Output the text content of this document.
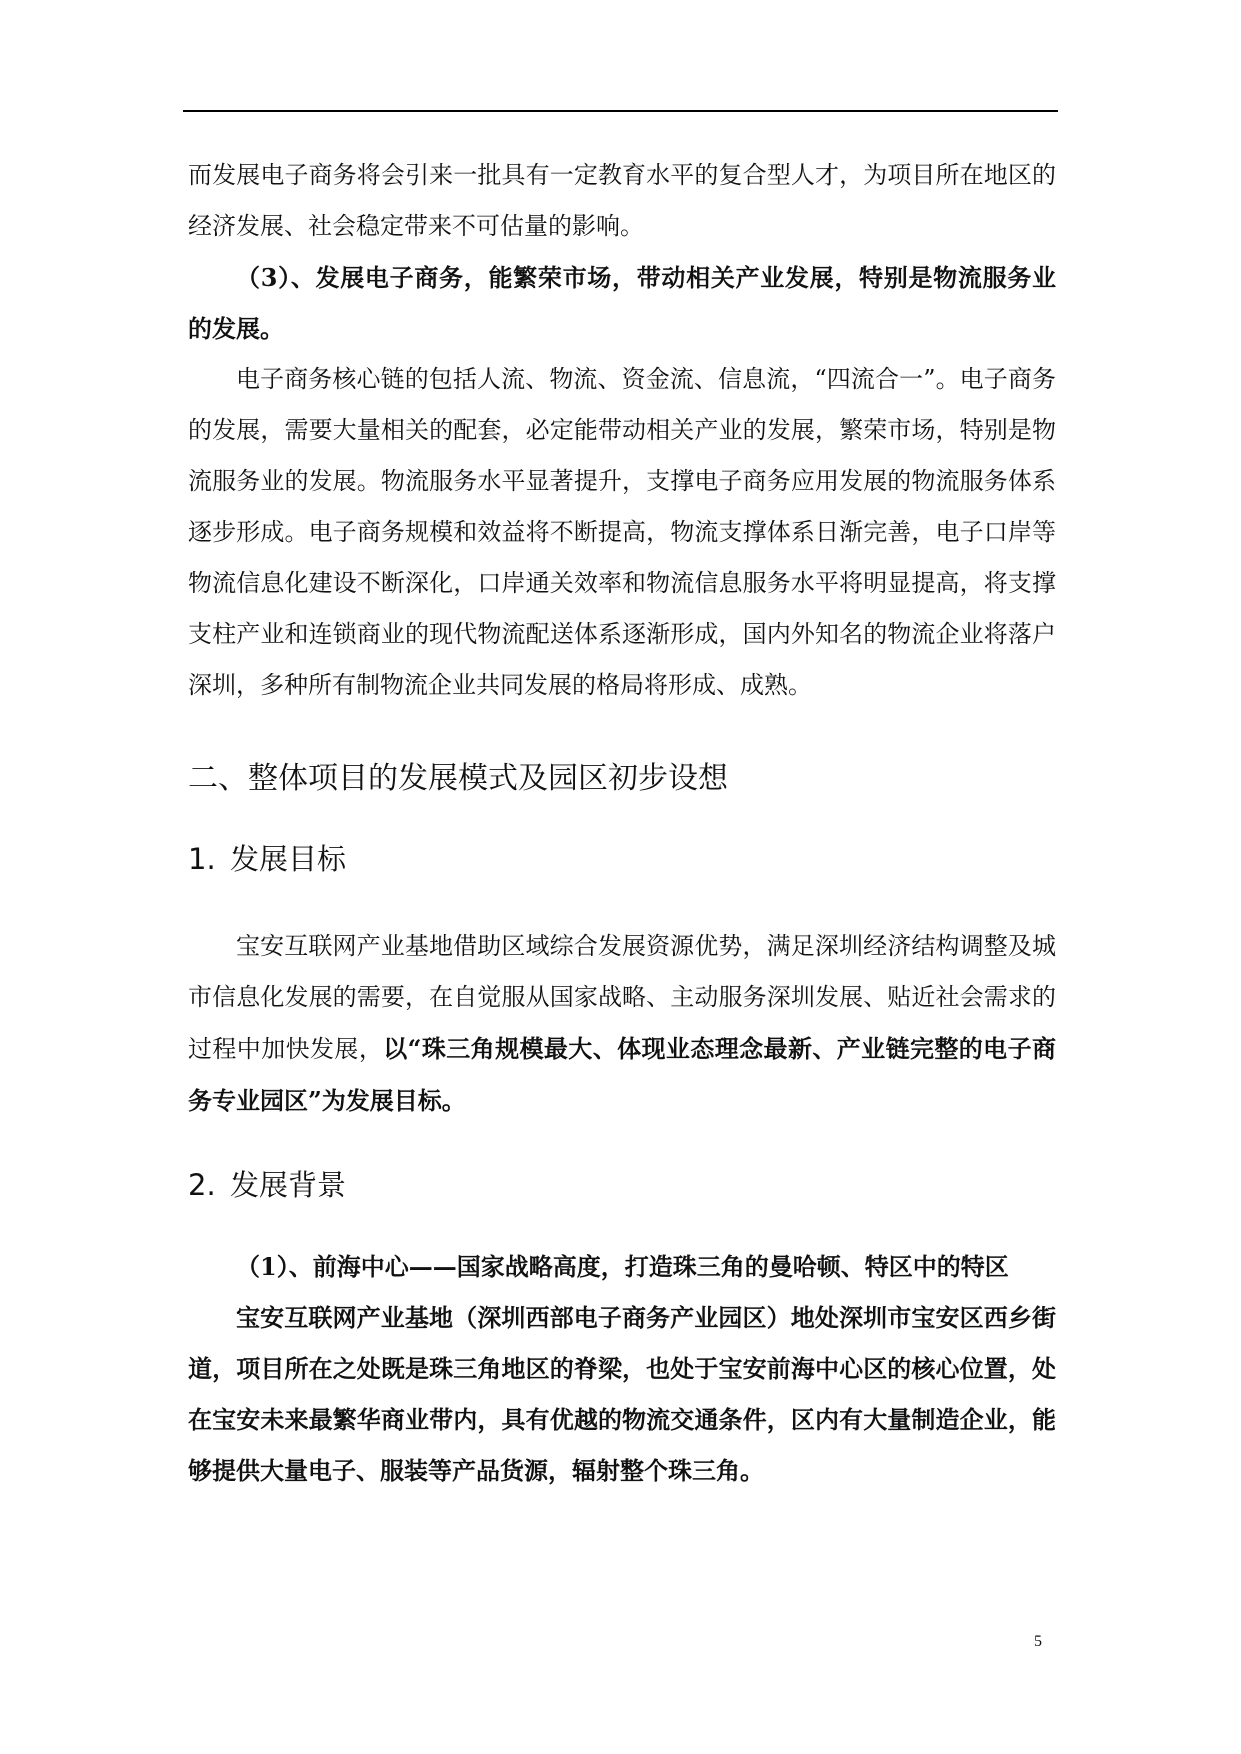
而发展电子商务将会引来一批具有一定教育水平的复合型人才，为项目所在地区的经济发展、社会稳定带来不可估量的影响。

（3）、发展电子商务，能繁荣市场，带动相关产业发展，特别是物流服务业的发展。

电子商务核心链的包括人流、物流、资金流、信息流，“四流合一”。电子商务的发展，需要大量相关的配套，必定能带动相关产业的发展，繁荣市场，特别是物流服务业的发展。物流服务水平显著提升，支撑电子商务应用发展的物流服务体系逐步形成。电子商务规模和效益将不断提高，物流支撑体系日渐完善，电子口岸等物流信息化建设不断深化，口岸通关效率和物流信息服务水平将明显提高，将支撑支柱产业和连锁商业的现代物流配送体系逐渐形成，国内外知名的物流企业将落户深圳，多种所有制物流企业共同发展的格局将形成、成熟。

二、整体项目的发展模式及园区初步设想
1. 发展目标

宝安互联网产业基地借助区域综合发展资源优势，满足深圳经济结构调整及城市信息化发展的需要，在自觉服从国家战略、主动服务深圳发展、贴近社会需求的过程中加快发展，以“珠三角规模最大、体现业态理念最新、产业链完整的电子商务专业园区”为发展目标。

2. 发展背景

（1）、前海中心——国家战略高度，打造珠三角的曼哈顿、特区中的特区

宝安互联网产业基地（深圳西部电子商务产业园区）地处深圳市宝安区西乡街道，项目所在之处既是珠三角地区的脊梁，也处于宝安前海中心区的核心位置，处在宝安未来最繁华商业带内，具有优越的物流交通条件，区内有大量制造企业，能够提供大量电子、服装等产品货源，辐射整个珠三角。

5
